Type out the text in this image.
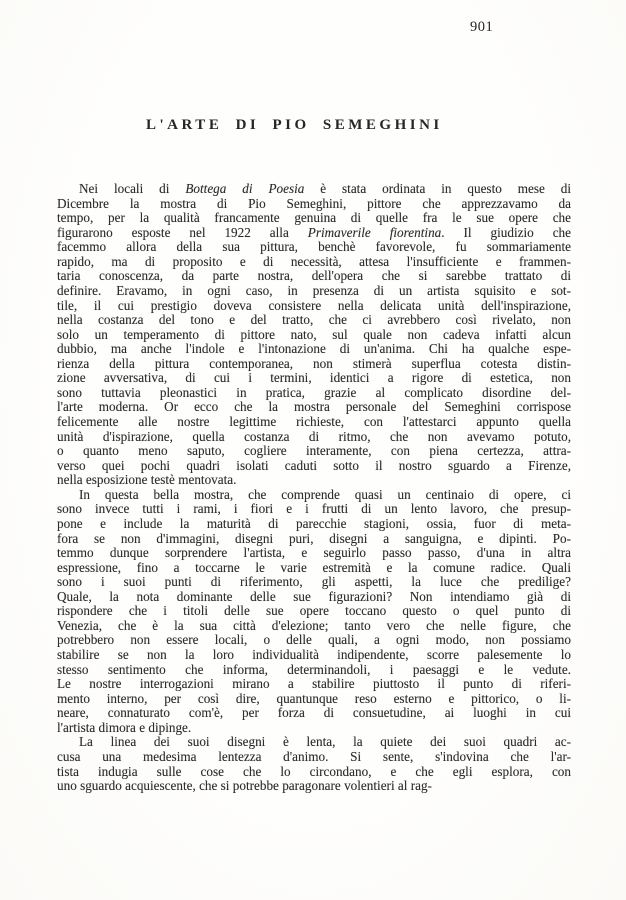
901
L'ARTE DI PIO SEMEGHINI
Nei locali di Bottega di Poesia è stata ordinata in questo mese di
Dicembre la mostra di Pio Semeghini, pittore che apprezzavamo da
tempo, per la qualità francamente genuina di quelle fra le sue opere che
figurarono esposte nel 1922 alla Primaverile fiorentina. Il giudizio che
facemmo allora della sua pittura, benchè favorevole, fu sommariamente
rapido, ma di proposito e di necessità, attesa l'insufficiente e frammen-
taria conoscenza, da parte nostra, dell'opera che si sarebbe trattato di
definire. Eravamo, in ogni caso, in presenza di un artista squisito e sot-
tile, il cui prestigio doveva consistere nella delicata unità dell'inspirazione,
nella costanza del tono e del tratto, che ci avrebbero così rivelato, non
solo un temperamento di pittore nato, sul quale non cadeva infatti alcun
dubbio, ma anche l'indole e l'intonazione di un'anima. Chi ha qualche espe-
rienza della pittura contemporanea, non stimerà superflua cotesta distin-
zione avversativa, di cui i termini, identici a rigore di estetica, non
sono tuttavia pleonastici in pratica, grazie al complicato disordine del-
l'arte moderna. Or ecco che la mostra personale del Semeghini corrispose
felicemente alle nostre legittime richieste, con l'attestarci appunto quella
unità d'ispirazione, quella costanza di ritmo, che non avevamo potuto,
o quanto meno saputo, cogliere interamente, con piena certezza, attra-
verso quei pochi quadri isolati caduti sotto il nostro sguardo a Firenze,
nella esposizione testè mentovata.
In questa bella mostra, che comprende quasi un centinaio di opere, ci
sono invece tutti i rami, i fiori e i frutti di un lento lavoro, che presup-
pone e include la maturità di parecchie stagioni, ossia, fuor di meta-
fora se non d'immagini, disegni puri, disegni a sanguigna, e dipinti. Po-
temmo dunque sorprendere l'artista, e seguirlo passo passo, d'una in altra
espressione, fino a toccarne le varie estremità e la comune radice. Quali
sono i suoi punti di riferimento, gli aspetti, la luce che predilige?
Quale, la nota dominante delle sue figurazioni? Non intendiamo già di
rispondere che i titoli delle sue opere toccano questo o quel punto di
Venezia, che è la sua città d'elezione; tanto vero che nelle figure, che
potrebbero non essere locali, o delle quali, a ogni modo, non possiamo
stabilire se non la loro individualità indipendente, scorre palesemente lo
stesso sentimento che informa, determinandoli, i paesaggi e le vedute.
Le nostre interrogazioni mirano a stabilire piuttosto il punto di riferi-
mento interno, per così dire, quantunque reso esterno e pittorico, o li-
neare, connaturato com'è, per forza di consuetudine, ai luoghi in cui
l'artista dimora e dipinge.
La linea dei suoi disegni è lenta, la quiete dei suoi quadri ac-
cusa una medesima lentezza d'animo. Si sente, s'indovina che l'ar-
tista indugia sulle cose che lo circondano, e che egli esplora, con
uno sguardo acquiescente, che si potrebbe paragonare volentieri al rag-
